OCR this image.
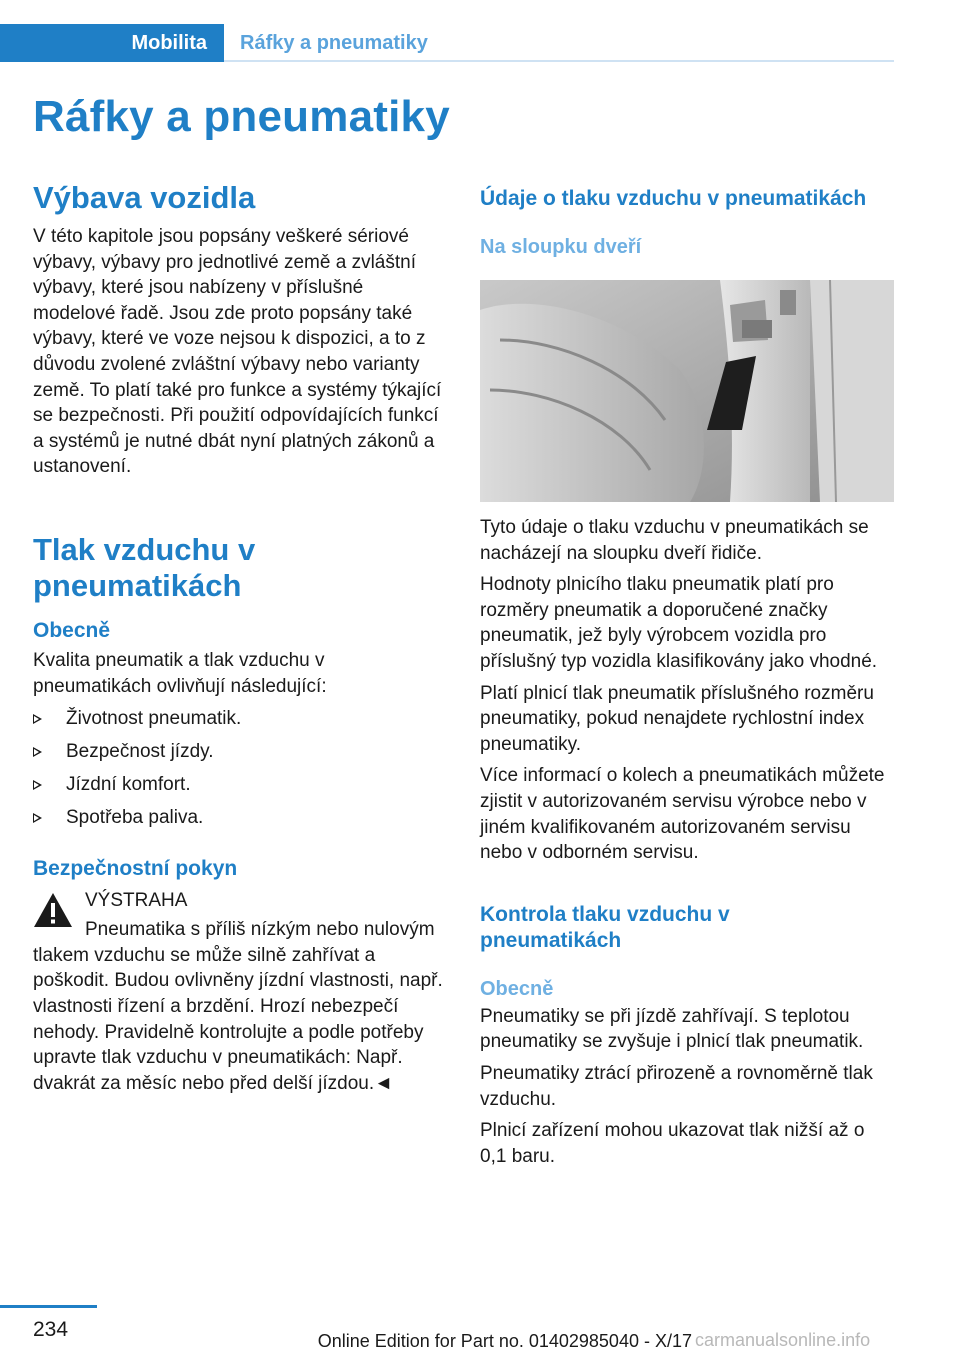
Mobilita	Ráfky a pneumatiky
Ráfky a pneumatiky
Výbava vozidla

V této kapitole jsou popsány veškeré sériové výbavy, výbavy pro jednotlivé země a zvláštní výbavy, které jsou nabízeny v příslušné modelové řadě. Jsou zde proto popsány také výbavy, které ve voze nejsou k dispozici, a to z důvodu zvolené zvláštní výbavy nebo varianty země. To platí také pro funkce a systémy týkající se bezpečnosti. Při použití odpovídajících funkcí a systémů je nutné dbát nyní platných zákonů a ustanovení.

Tlak vzduchu v pneumatikách
Obecně

Kvalita pneumatik a tlak vzduchu v pneumatikách ovlivňují následující:

Životnost pneumatik.
Bezpečnost jízdy.
Jízdní komfort.
Spotřeba paliva.
Bezpečnostní pokyn
VÝSTRAHA
Pneumatika s příliš nízkým nebo nulovým

tlakem vzduchu se může silně zahřívat a poškodit. Budou ovlivněny jízdní vlastnosti, např. vlastnosti řízení a brzdění. Hrozí nebezpečí nehody. Pravidelně kontrolujte a podle potřeby upravte tlak vzduchu v pneumatikách: Např. dvakrát za měsíc nebo před delší jízdou.◄

Údaje o tlaku vzduchu v pneumatikách
Na sloupku dveří

Tyto údaje o tlaku vzduchu v pneumatikách se nacházejí na sloupku dveří řidiče.

Hodnoty plnicího tlaku pneumatik platí pro rozměry pneumatik a doporučené značky pneumatik, jež byly výrobcem vozidla pro příslušný typ vozidla klasifikovány jako vhodné.

Platí plnicí tlak pneumatik příslušného rozměru pneumatiky, pokud nenajdete rychlostní index pneumatiky.

Více informací o kolech a pneumatikách můžete zjistit v autorizovaném servisu výrobce nebo v jiném kvalifikovaném autorizovaném servisu nebo v odborném servisu.

Kontrola tlaku vzduchu v pneumatikách
Obecně

Pneumatiky se při jízdě zahřívají. S teplotou pneumatiky se zvyšuje i plnicí tlak pneumatik.

Pneumatiky ztrácí přirozeně a rovnoměrně tlak vzduchu.

Plnicí zařízení mohou ukazovat tlak nižší až o 0,1 baru.

234	Online Edition for Part no. 01402985040 - X/17 carmanualsonline.info
